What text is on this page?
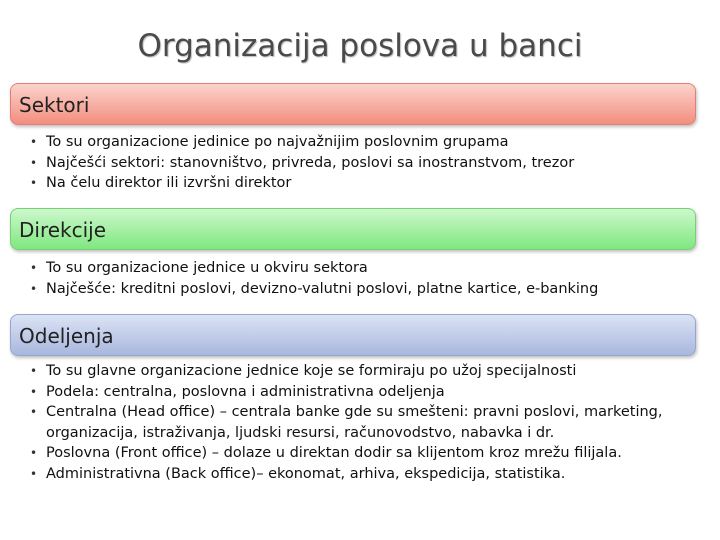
Organizacija poslova u banci
Sektori
• To su organizacione jedinice po najvažnijim poslovnim grupama
• Najčešći sektori: stanovništvo, privreda, poslovi sa inostranstvom, trezor
• Na čelu direktor ili izvršni direktor
Direkcije
• To su organizacione jednice u okviru sektora
• Najčešće: kreditni poslovi, devizno-valutni poslovi, platne kartice, e-banking
Odeljenja
• To su glavne organizacione jednice koje se formiraju po užoj specijalnosti
• Podela: centralna, poslovna i administrativna odeljenja
• Centralna (Head office) – centrala banke gde su smešteni: pravni poslovi, marketing, organizacija, istraživanja, ljudski resursi, računovodstvo, nabavka i dr.
• Poslovna (Front office) – dolaze u direktan dodir sa klijentom kroz mrežu filijala.
• Administrativna (Back office)– ekonomat, arhiva, ekspedicija, statistika.
